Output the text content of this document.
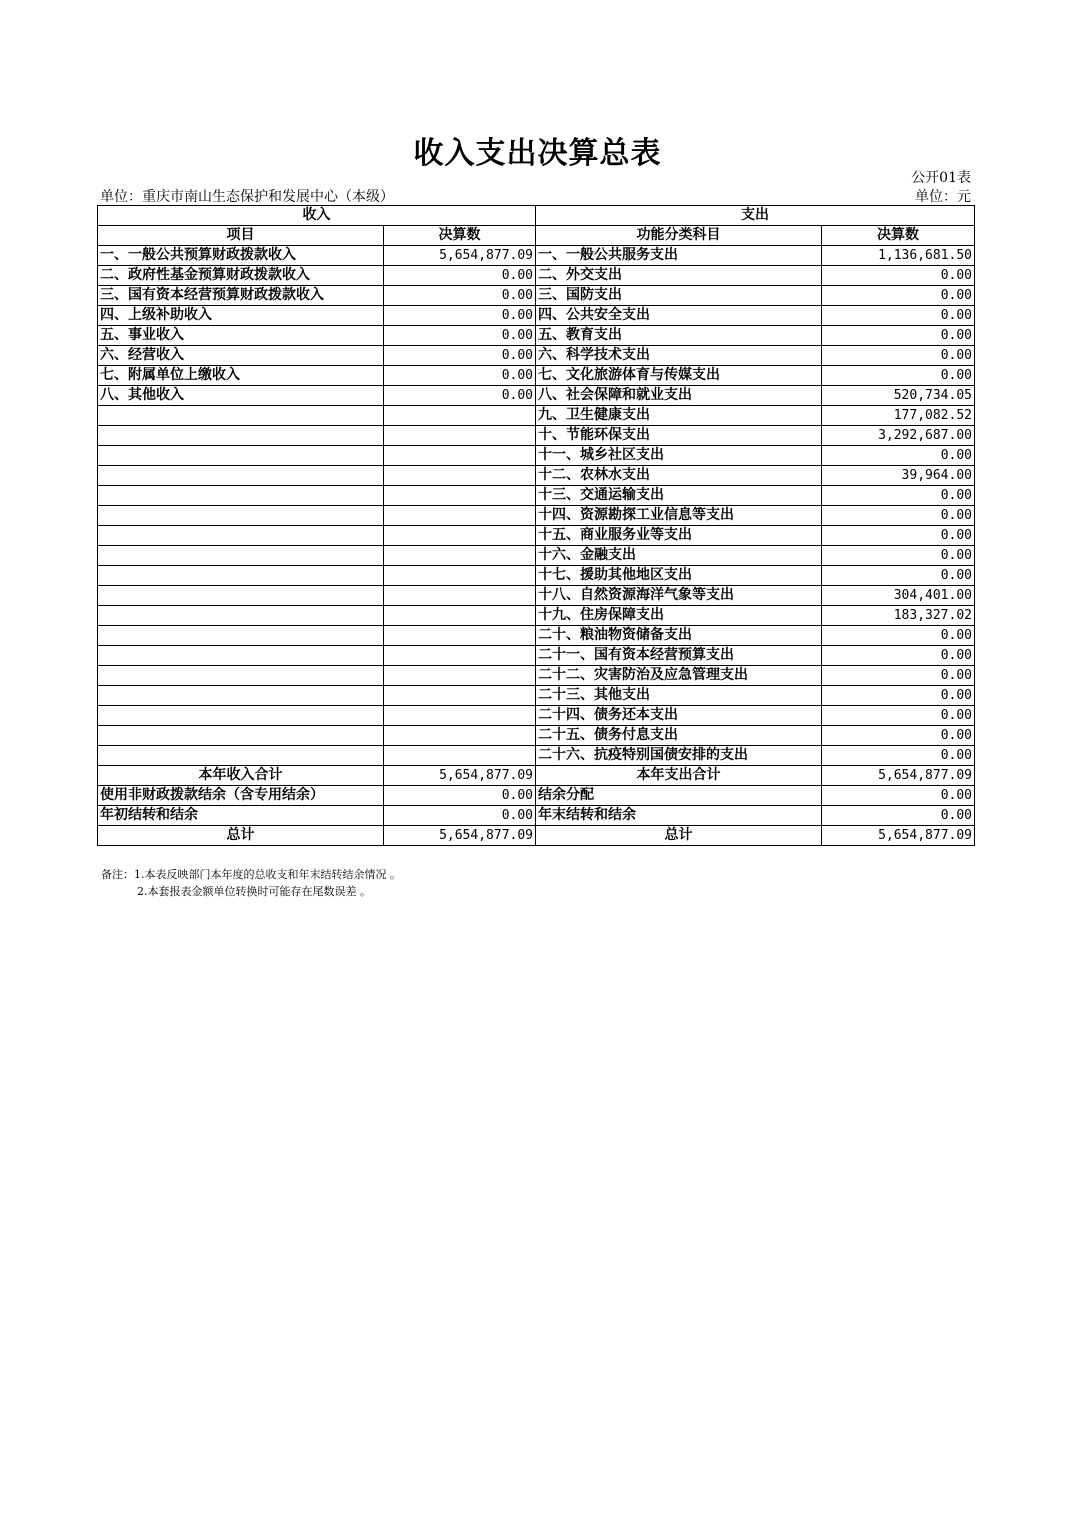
收入支出决算总表
公开01表
单位：重庆市南山生态保护和发展中心（本级）	单位：元
收入		支出	
项目	决算数	功能分类科目	决算数
一、一般公共预算财政拨款收入	5,654,877.09	一、一般公共服务支出	1,136,681.50
二、政府性基金预算财政拨款收入	0.00	二、外交支出	0.00
三、国有资本经营预算财政拨款收入	0.00	三、国防支出	0.00
四、上级补助收入	0.00	四、公共安全支出	0.00
五、事业收入	0.00	五、教育支出	0.00
六、经营收入	0.00	六、科学技术支出	0.00
七、附属单位上缴收入	0.00	七、文化旅游体育与传媒支出	0.00
八、其他收入	0.00	八、社会保障和就业支出	520,734.05
		九、卫生健康支出	177,082.52
		十、节能环保支出	3,292,687.00
		十一、城乡社区支出	0.00
		十二、农林水支出	39,964.00
		十三、交通运输支出	0.00
		十四、资源勘探工业信息等支出	0.00
		十五、商业服务业等支出	0.00
		十六、金融支出	0.00
		十七、援助其他地区支出	0.00
		十八、自然资源海洋气象等支出	304,401.00
		十九、住房保障支出	183,327.02
		二十、粮油物资储备支出	0.00
		二十一、国有资本经营预算支出	0.00
		二十二、灾害防治及应急管理支出	0.00
		二十三、其他支出	0.00
		二十四、债务还本支出	0.00
		二十五、债务付息支出	0.00
		二十六、抗疫特别国债安排的支出	0.00
本年收入合计	5,654,877.09	本年支出合计	5,654,877.09
使用非财政拨款结余（含专用结余）	0.00	结余分配	0.00
年初结转和结余	0.00	年末结转和结余	0.00
总计	5,654,877.09	总计	5,654,877.09
备注：1.本表反映部门本年度的总收支和年末结转结余情况 。
2.本套报表金额单位转换时可能存在尾数误差 。
